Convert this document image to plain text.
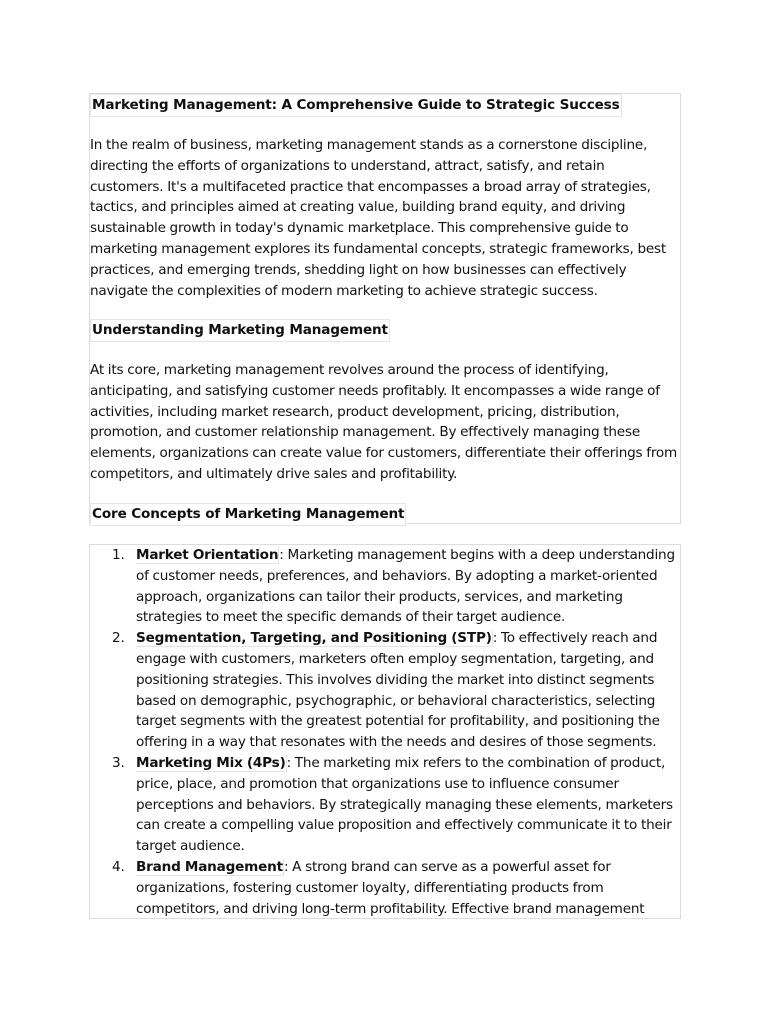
Marketing Management: A Comprehensive Guide to Strategic Success

In the realm of business, marketing management stands as a cornerstone discipline, directing the efforts of organizations to understand, attract, satisfy, and retain customers. It's a multifaceted practice that encompasses a broad array of strategies, tactics, and principles aimed at creating value, building brand equity, and driving sustainable growth in today's dynamic marketplace. This comprehensive guide to marketing management explores its fundamental concepts, strategic frameworks, best practices, and emerging trends, shedding light on how businesses can effectively navigate the complexities of modern marketing to achieve strategic success.

Understanding Marketing Management

At its core, marketing management revolves around the process of identifying, anticipating, and satisfying customer needs profitably. It encompasses a wide range of activities, including market research, product development, pricing, distribution, promotion, and customer relationship management. By effectively managing these elements, organizations can create value for customers, differentiate their offerings from competitors, and ultimately drive sales and profitability.

Core Concepts of Marketing Management
1. Market Orientation: Marketing management begins with a deep understanding of customer needs, preferences, and behaviors. By adopting a market-oriented approach, organizations can tailor their products, services, and marketing strategies to meet the specific demands of their target audience.
2. Segmentation, Targeting, and Positioning (STP): To effectively reach and engage with customers, marketers often employ segmentation, targeting, and positioning strategies. This involves dividing the market into distinct segments based on demographic, psychographic, or behavioral characteristics, selecting target segments with the greatest potential for profitability, and positioning the offering in a way that resonates with the needs and desires of those segments.
3. Marketing Mix (4Ps): The marketing mix refers to the combination of product, price, place, and promotion that organizations use to influence consumer perceptions and behaviors. By strategically managing these elements, marketers can create a compelling value proposition and effectively communicate it to their target audience.
4. Brand Management: A strong brand can serve as a powerful asset for organizations, fostering customer loyalty, differentiating products from competitors, and driving long-term profitability. Effective brand management
